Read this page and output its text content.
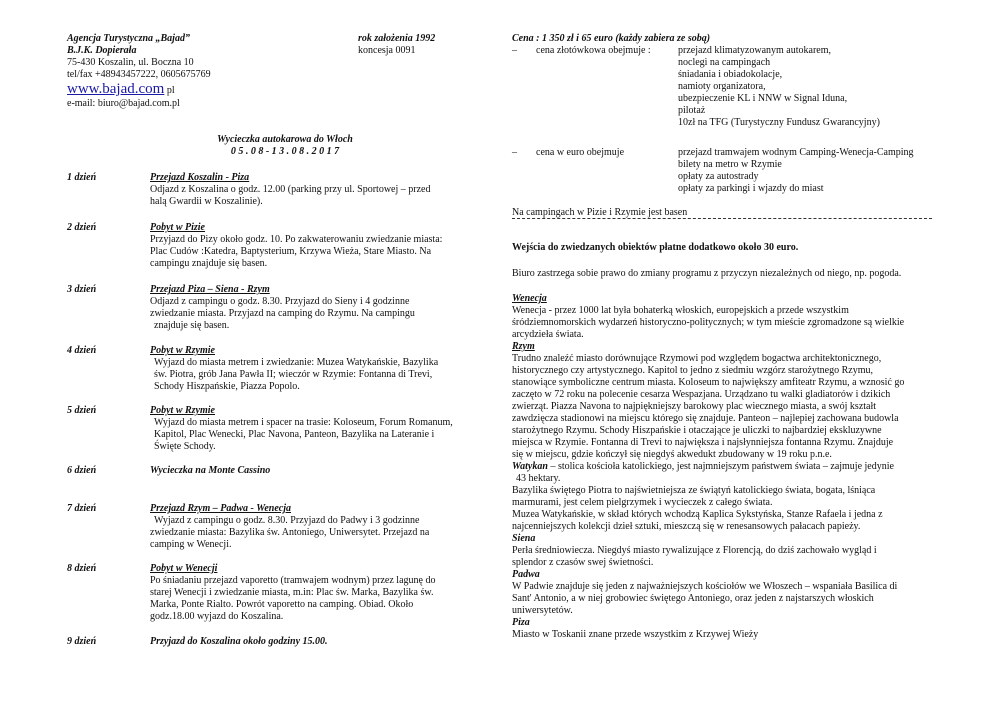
Agencja Turystyczna „Bajad”
B.J.K. Dopierała
75-430 Koszalin, ul. Boczna 10
tel/fax +48943457222, 0605675769
www.bajad.com pl
e-mail: biuro@bajad.com.pl
rok założenia 1992
koncesja 0091
Wycieczka autokarowa do Włoch
0 5 . 0 8 - 1 3 . 0 8 . 2 0 1 7
1 dzień	Przejazd Koszalin - Piza
Odjazd z Koszalina o godz. 12.00 (parking przy ul. Sportowej – przed
halą Gwardii w Koszalinie).
2 dzień	Pobyt w Pizie
Przyjazd do Pizy około godz. 10. Po zakwaterowaniu zwiedzanie miasta:
Plac Cudów :Katedra, Baptysterium, Krzywa Wieża, Stare Miasto. Na
campingu znajduje się basen.
3 dzień	Przejazd Piza – Siena - Rzym
Odjazd z campingu o godz. 8.30. Przyjazd do Sieny i 4 godzinne
zwiedzanie miasta. Przyjazd na camping do Rzymu. Na campingu
znajduje się basen.
4 dzień	Pobyt w Rzymie
Wyjazd do miasta metrem i zwiedzanie: Muzea Watykańskie, Bazylika
św. Piotra, grób Jana Pawła II; wieczór w Rzymie: Fontanna di Trevi,
Schody Hiszpańskie, Piazza Popolo.
5 dzień	Pobyt w Rzymie
Wyjazd do miasta metrem i spacer na trasie: Koloseum, Forum Romanum,
Kapitol, Plac Wenecki, Plac Navona, Panteon, Bazylika na Lateranie i
Święte Schody.
6 dzień	Wycieczka na Monte Cassino
7 dzień	Przejazd Rzym – Padwa - Wenecja
Wyjazd z campingu o godz. 8.30. Przyjazd do Padwy i 3 godzinne
zwiedzanie miasta: Bazylika św. Antoniego, Uniwersytet. Przejazd na
camping w Wenecji.
8 dzień	Pobyt w Wenecji
Po śniadaniu przejazd vaporetto (tramwajem wodnym) przez lagunę do
starej Wenecji i zwiedzanie miasta, m.in: Plac św. Marka, Bazylika św.
Marka, Ponte Rialto. Powrót vaporetto na camping. Obiad. Około
godz.18.00 wyjazd do Koszalina.
9 dzień	Przyjazd do Koszalina około godziny 15.00.
Cena : 1 350 zł i 65 euro (każdy zabiera ze sobą)
– cena złotówkowa obejmuje :	przejazd klimatyzowanym autokarem,
noclegi na campingach
śniadania i obiadokolacje,
namioty organizatora,
ubezpieczenie KL i NNW w Signal Iduna,
pilotaż
10zł na TFG (Turystyczny Fundusz Gwarancyjny)
– cena w euro obejmuje	przejazd tramwajem wodnym Camping-Wenecja-Camping
bilety na metro w Rzymie
opłaty za autostrady
opłaty za parkingi i wjazdy do miast
Na campingach w Pizie i Rzymie jest basen
Wejścia do zwiedzanych obiektów płatne dodatkowo około 30 euro.
Biuro zastrzega sobie prawo do zmiany programu z przyczyn niezależnych od niego, np. pogoda.
Wenecja
Wenecja - przez 1000 lat była bohaterką włoskich, europejskich a przede wszystkim
śródziemnomorskich wydarzeń historyczno-politycznych; w tym mieście zgromadzone są wielkie
arcydzieła świata.
Rzym
Trudno znaleźć miasto dorównujące Rzymowi pod względem bogactwa architektonicznego,
historycznego czy artystycznego. Kapitol to jedno z siedmiu wzgórz starożytnego Rzymu,
stanowiące symboliczne centrum miasta. Koloseum to największy amfiteatr Rzymu, a wznosić go
zaczęto w 72 roku na polecenie cesarza Wespazjana. Urządzano tu walki gladiatorów i dzikich
zwierząt. Piazza Navona to najpiękniejszy barokowy plac wiecznego miasta, a swój kształt
zawdzięcza stadionowi na miejscu którego się znajduje. Panteon – najlepiej zachowana budowla
starożytnego Rzymu. Schody Hiszpańskie i otaczające je uliczki to najbardziej ekskluzywne
miejsca w Rzymie. Fontanna di Trevi to największa i najsłynniejsza fontanna Rzymu. Znajduje
się w miejscu, gdzie kończył się niegdyś akwedukt zbudowany w 19 roku p.n.e.
Watykan – stolica kościoła katolickiego, jest najmniejszym państwem świata – zajmuje jedynie
43 hektary.
Bazylika świętego Piotra to najświetniejsza ze świątyń katolickiego świata, bogata, lśniąca
marmurami, jest celem pielgrzymek i wycieczek z całego świata.
Muzea Watykańskie, w skład których wchodzą Kaplica Sykstyńska, Stanze Rafaela i jedna z
najcenniejszych kolekcji dzieł sztuki, mieszczą się w renesansowych pałacach papieży.
Siena
Perła średniowiecza. Niegdyś miasto rywalizujące z Florencją, do dziś zachowało wygląd i
splendor z czasów swej świetności.
Padwa
W Padwie znajduje się jeden z najważniejszych kościołów we Włoszech – wspaniała Basilica di
Sant' Antonio, a w niej grobowiec świętego Antoniego, oraz jeden z najstarszych włoskich
uniwersytetów.
Piza
Miasto w Toskanii znane przede wszystkim z Krzywej Wieży
